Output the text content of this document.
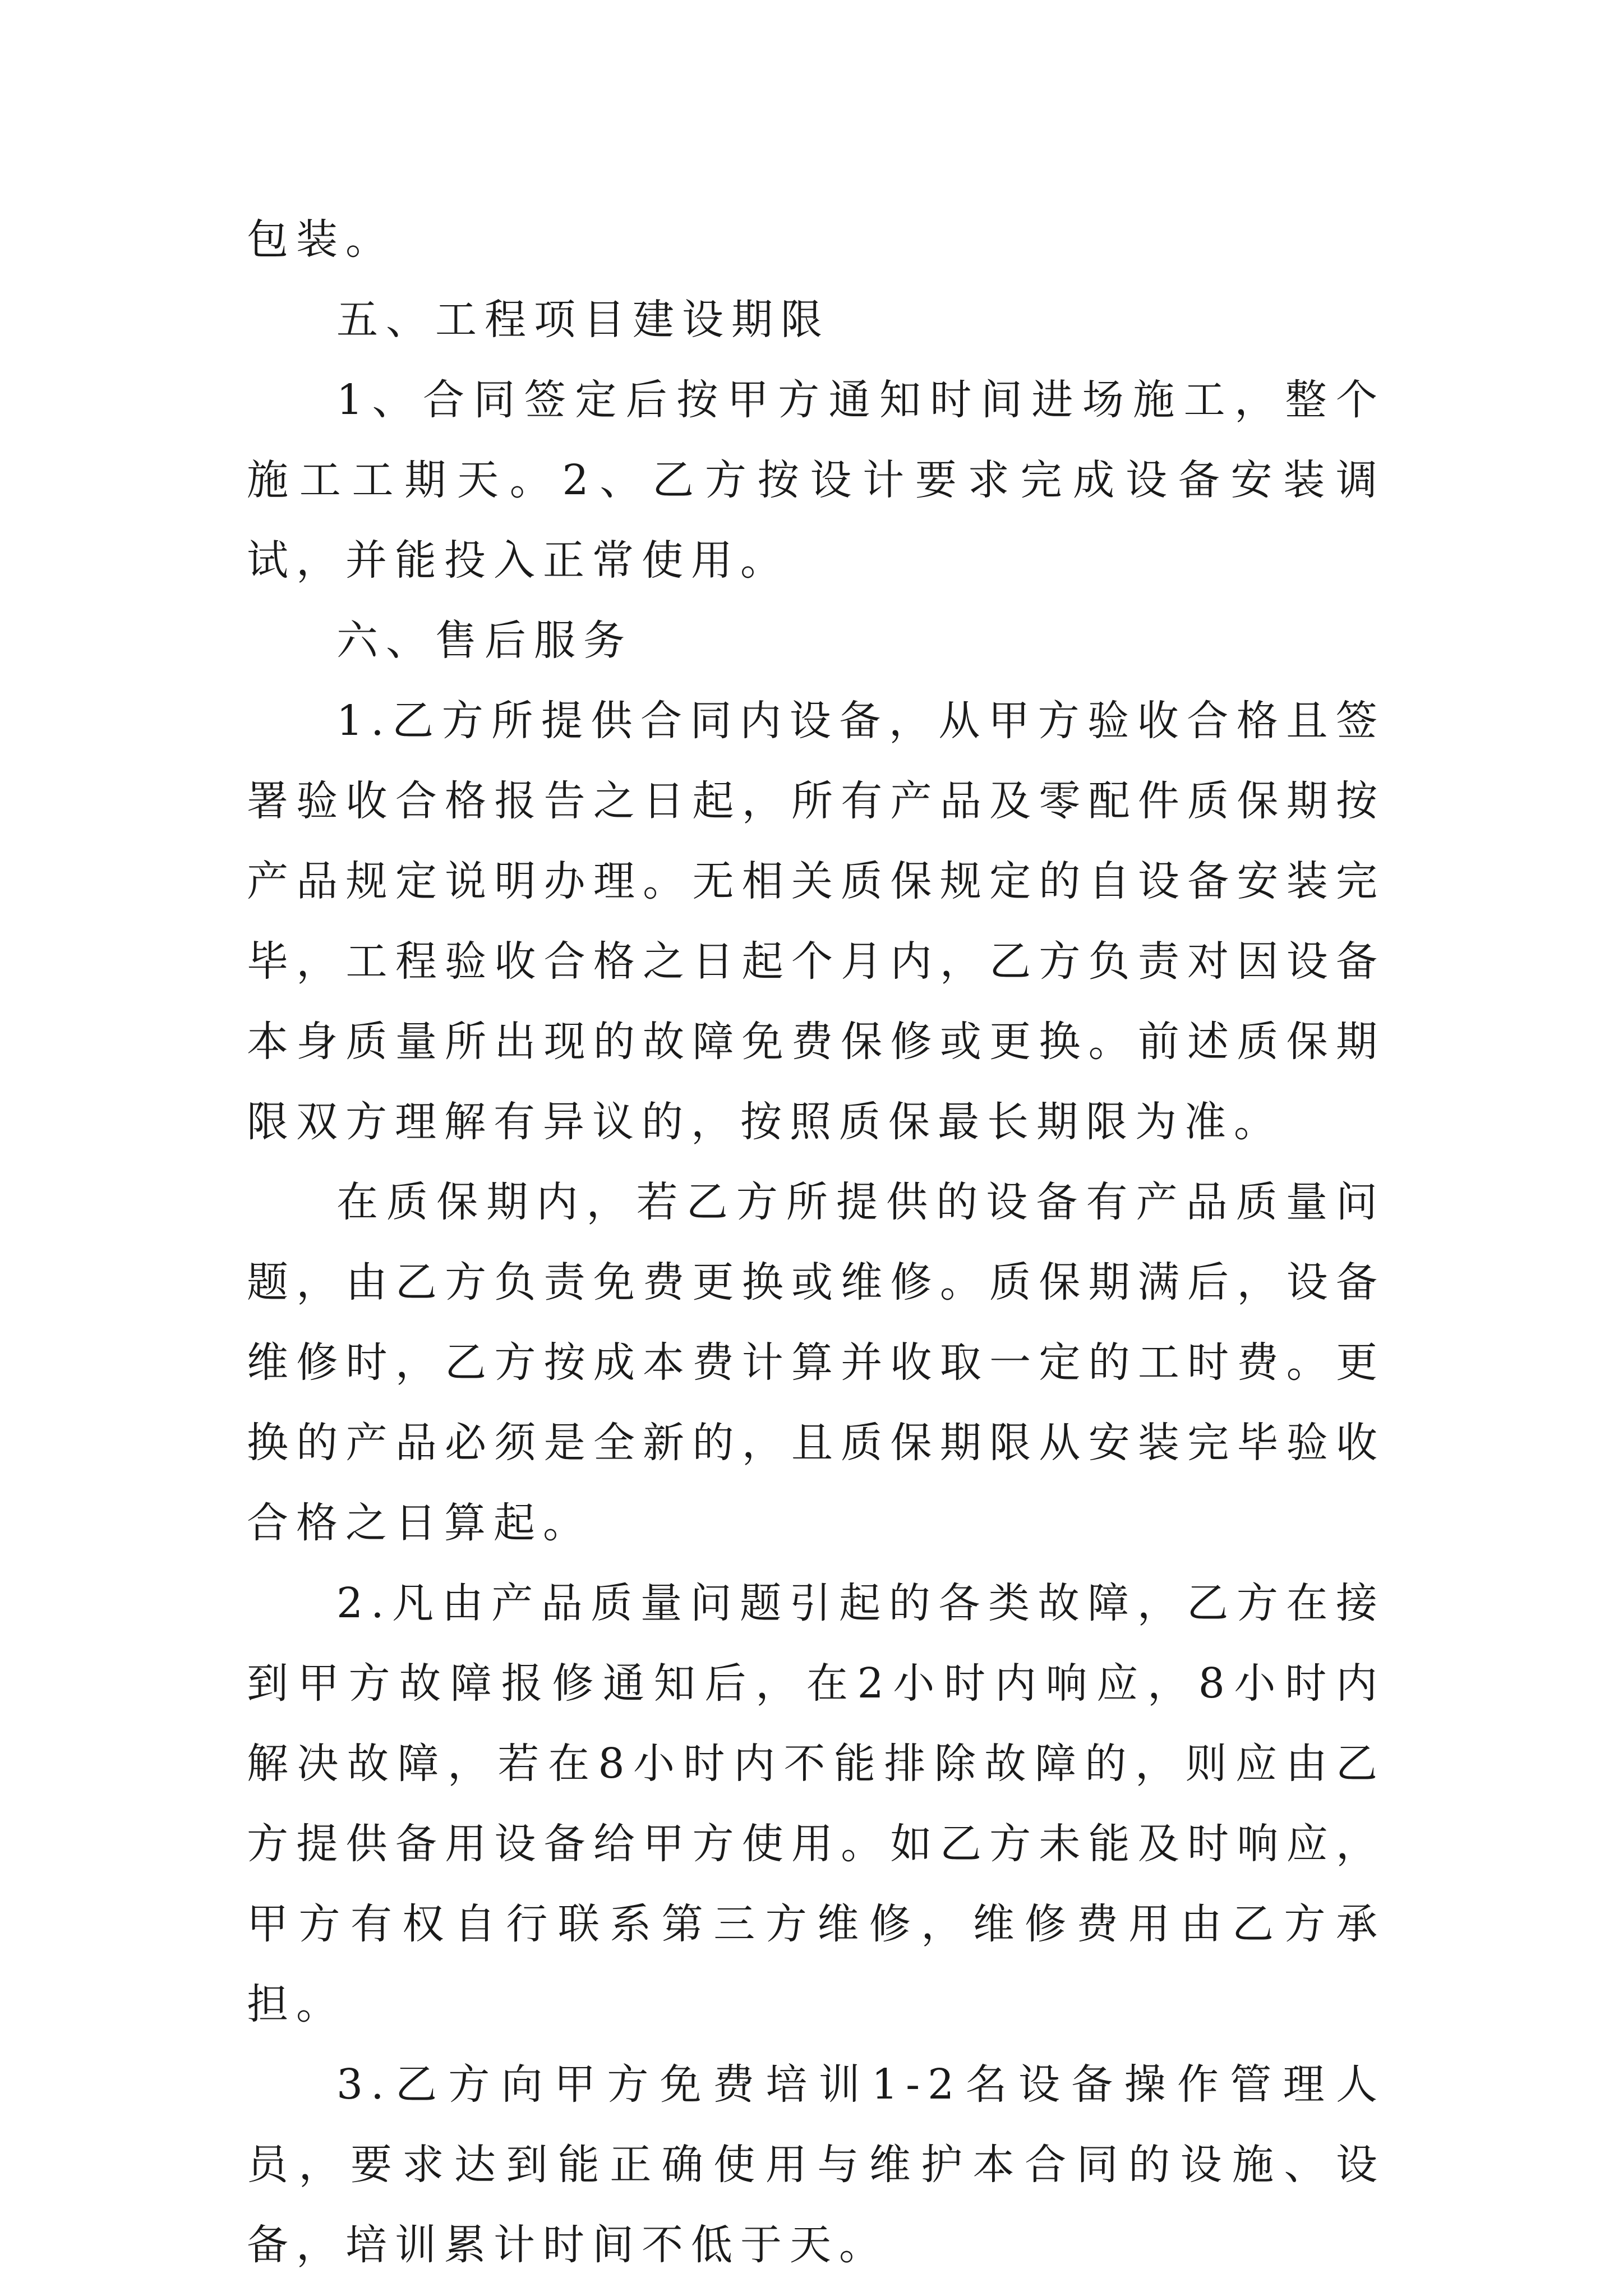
包装。

五、工程项目建设期限

1、合同签定后按甲方通知时间进场施工，整个施工工期天。2、乙方按设计要求完成设备安装调试，并能投入正常使用。

六、售后服务

1.乙方所提供合同内设备，从甲方验收合格且签署验收合格报告之日起，所有产品及零配件质保期按产品规定说明办理。无相关质保规定的自设备安装完毕，工程验收合格之日起个月内，乙方负责对因设备本身质量所出现的故障免费保修或更换。前述质保期限双方理解有异议的，按照质保最长期限为准。

在质保期内，若乙方所提供的设备有产品质量问题，由乙方负责免费更换或维修。质保期满后，设备维修时，乙方按成本费计算并收取一定的工时费。更换的产品必须是全新的，且质保期限从安装完毕验收合格之日算起。

2.凡由产品质量问题引起的各类故障，乙方在接到甲方故障报修通知后，在2小时内响应，8小时内解决故障，若在8小时内不能排除故障的，则应由乙方提供备用设备给甲方使用。如乙方未能及时响应，甲方有权自行联系第三方维修，维修费用由乙方承担。

3.乙方向甲方免费培训1-2名设备操作管理人员，要求达到能正确使用与维护本合同的设施、设备，培训累计时间不低于天。
